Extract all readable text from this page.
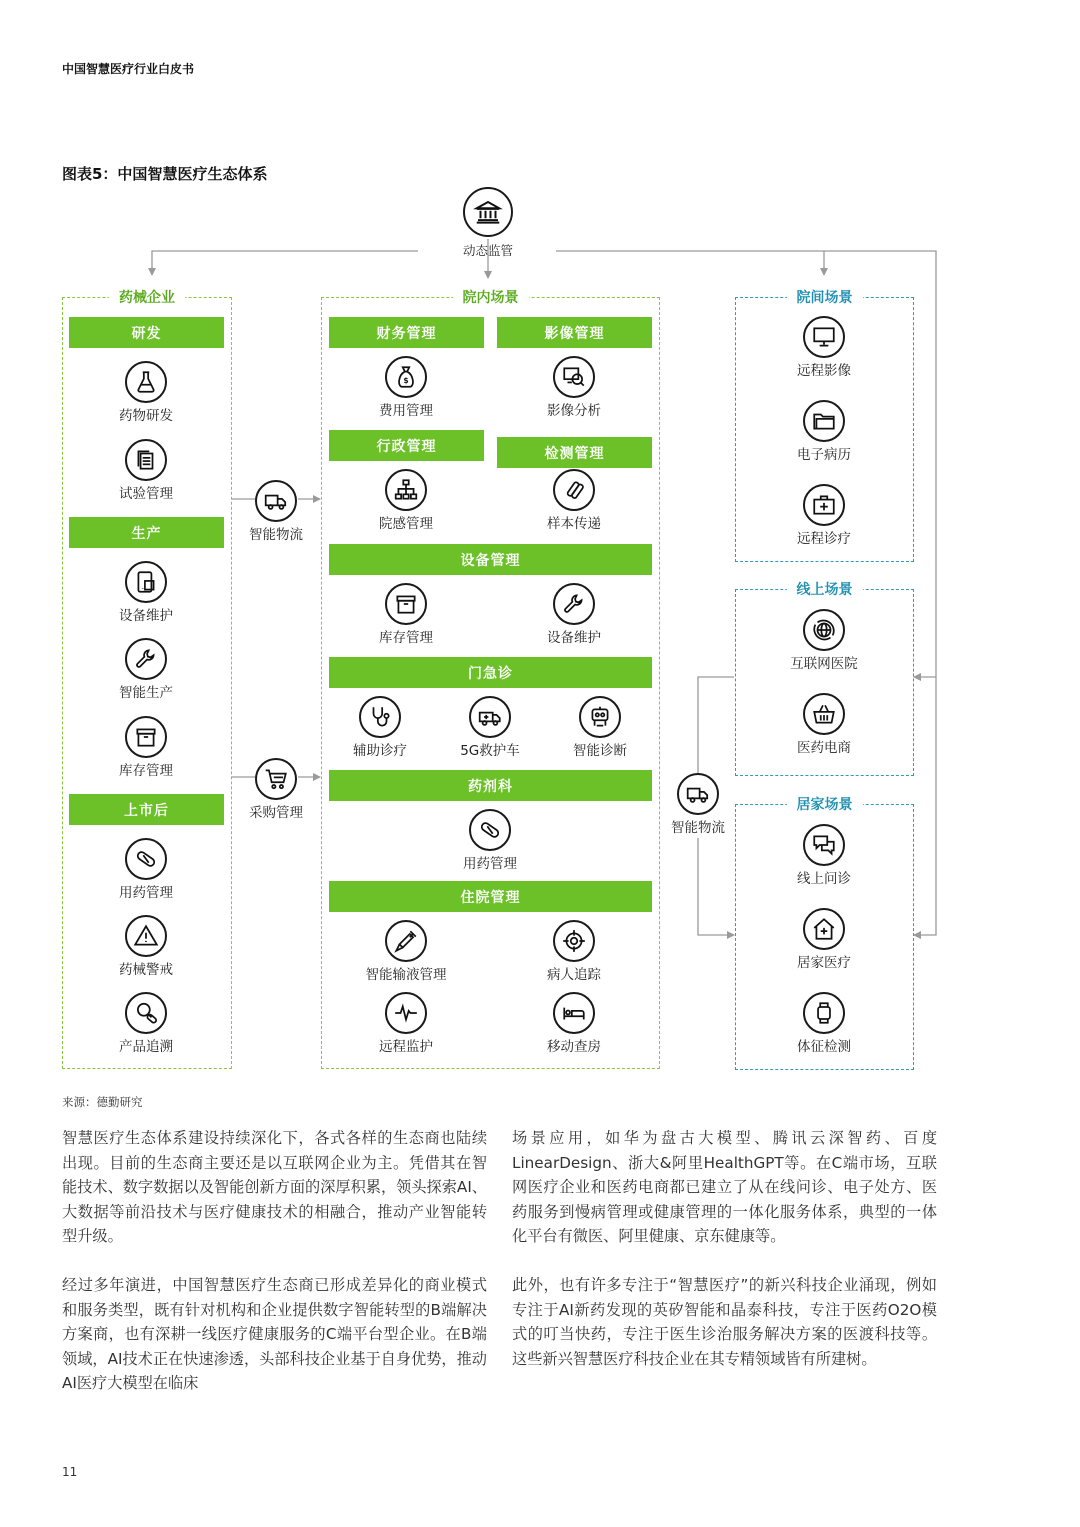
中国智慧医疗行业白皮书
图表5：中国智慧医疗生态体系
动态监管
药械企业
研发
生产
上市后
药物研发
试验管理
设备维护
智能生产
库存管理
用药管理
药械警戒
产品追溯
智能物流
采购管理
院内场景
财务管理	影像管理
行政管理	检测管理
设备管理
门急诊
药剂科
住院管理
$
费用管理	影像分析
院感管理	样本传递
库存管理	设备维护
辅助诊疗	5G救护车	智能诊断
用药管理
智能输液管理	病人追踪
远程监护	移动查房
智能物流
院间场景
远程影像
电子病历
远程诊疗
线上场景
互联网医院
医药电商
居家场景
线上问诊
居家医疗
体征检测
来源：德勤研究
智慧医疗生态体系建设持续深化下，各式各样的生态商也陆续出现。目前的生态商主要还是以互联网企业为主。凭借其在智能技术、数字数据以及智能创新方面的深厚积累，领头探索AI、大数据等前沿技术与医疗健康技术的相融合，推动产业智能转型升级。
经过多年演进，中国智慧医疗生态商已形成差异化的商业模式和服务类型，既有针对机构和企业提供数字智能转型的B端解决方案商，也有深耕一线医疗健康服务的C端平台型企业。在B端领域，AI技术正在快速渗透，头部科技企业基于自身优势，推动AI医疗大模型在临床
场景应用，如华为盘古大模型、腾讯云深智药、百度LinearDesign、浙大&阿里HealthGPT等。在C端市场，互联网医疗企业和医药电商都已建立了从在线问诊、电子处方、医药服务到慢病管理或健康管理的一体化服务体系，典型的一体化平台有微医、阿里健康、京东健康等。
此外，也有许多专注于“智慧医疗”的新兴科技企业涌现，例如专注于AI新药发现的英矽智能和晶泰科技，专注于医药O2O模式的叮当快药，专注于医生诊治服务解决方案的医渡科技等。这些新兴智慧医疗科技企业在其专精领域皆有所建树。
11
